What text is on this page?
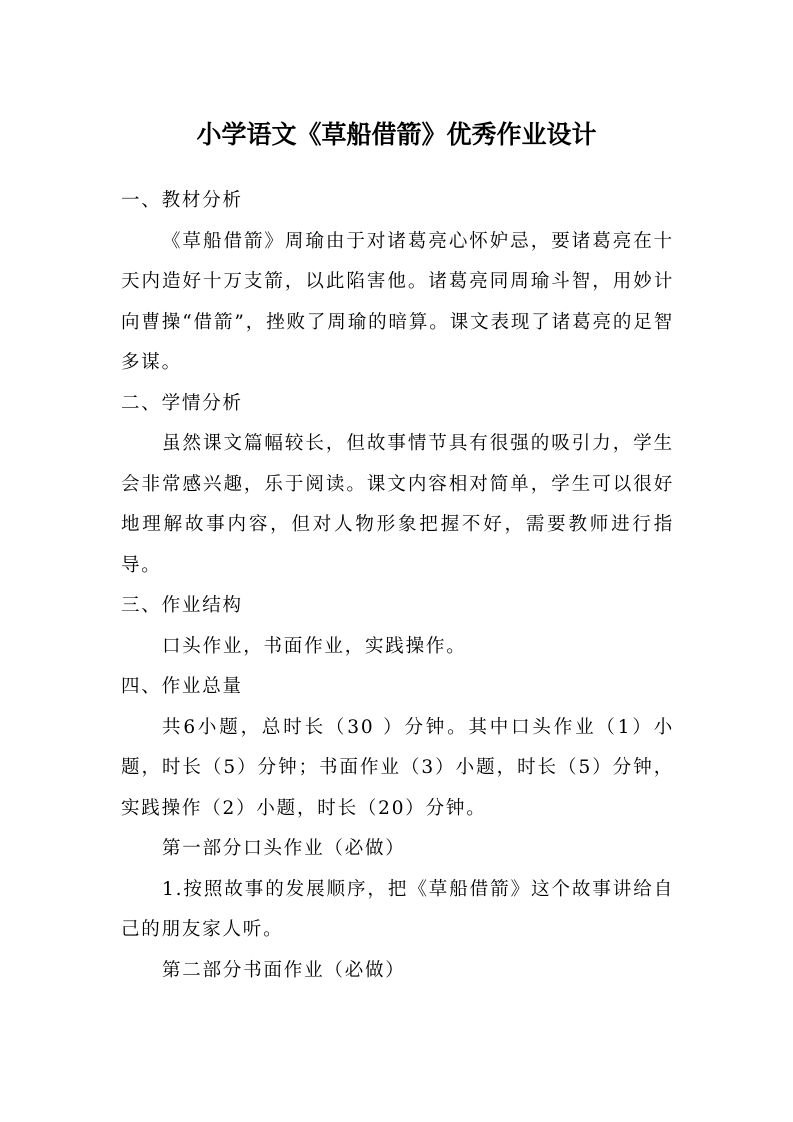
小学语文《草船借箭》优秀作业设计

一、教材分析

《草船借箭》周瑜由于对诸葛亮心怀妒忌，要诸葛亮在十天内造好十万支箭，以此陷害他。诸葛亮同周瑜斗智，用妙计向曹操“借箭”，挫败了周瑜的暗算。课文表现了诸葛亮的足智多谋。

二、学情分析

虽然课文篇幅较长，但故事情节具有很强的吸引力，学生会非常感兴趣，乐于阅读。课文内容相对简单，学生可以很好地理解故事内容，但对人物形象把握不好，需要教师进行指导。

三、作业结构

口头作业，书面作业，实践操作。

四、作业总量

共6小题，总时长（30 ）分钟。其中口头作业（1）小题，时长（5）分钟；书面作业（3）小题，时长（5）分钟，实践操作（2）小题，时长（20）分钟。

第一部分口头作业（必做）

1.按照故事的发展顺序，把《草船借箭》这个故事讲给自己的朋友家人听。

第二部分书面作业（必做）
